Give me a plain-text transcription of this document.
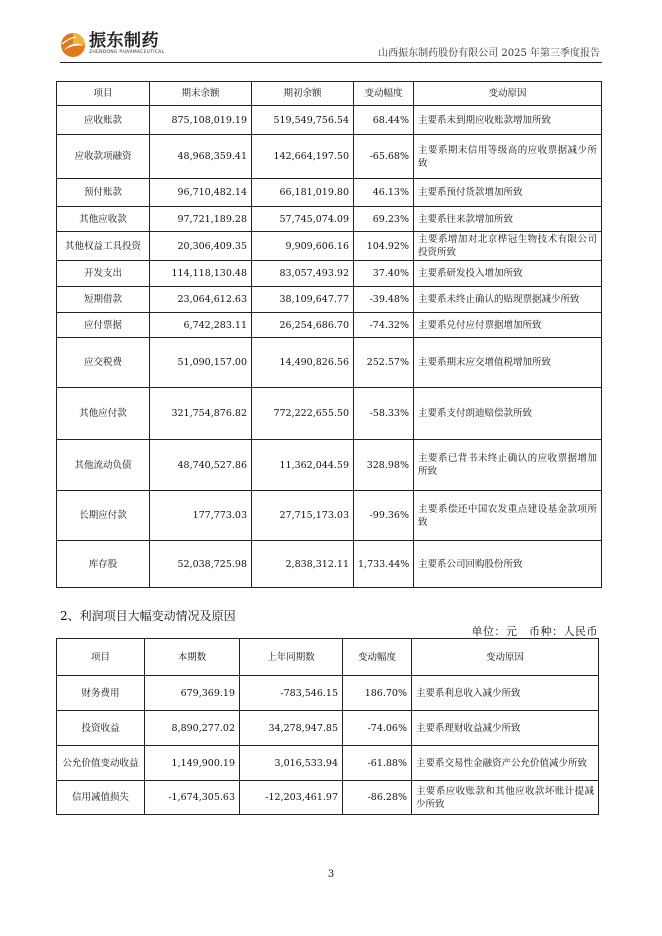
振东制药
ZHENDONG PHARMACEUTICAL	山西振东制药股份有限公司 2025 年第三季度报告
项目	期末余额	期初余额	变动幅度	变动原因
应收账款	875,108,019.19	519,549,756.54	68.44%	主要系未到期应收账款增加所致
应收款项融资	48,968,359.41	142,664,197.50	-65.68%	主要系期末信用等级高的应收票据减少所致
预付账款	96,710,482.14	66,181,019.80	46.13%	主要系预付货款增加所致
其他应收款	97,721,189.28	57,745,074.09	69.23%	主要系往来款增加所致
其他权益工具投资	20,306,409.35	9,909,606.16	104.92%	主要系增加对北京桦冠生物技术有限公司投资所致
开发支出	114,118,130.48	83,057,493.92	37.40%	主要系研发投入增加所致
短期借款	23,064,612.63	38,109,647.77	-39.48%	主要系未终止确认的贴现票据减少所致
应付票据	6,742,283.11	26,254,686.70	-74.32%	主要系兑付应付票据增加所致
应交税费	51,090,157.00	14,490,826.56	252.57%	主要系期末应交增值税增加所致
其他应付款	321,754,876.82	772,222,655.50	-58.33%	主要系支付朗迪赔偿款所致
其他流动负债	48,740,527.86	11,362,044.59	328.98%	主要系已背书未终止确认的应收票据增加所致
长期应付款	177,773.03	27,715,173.03	-99.36%	主要系偿还中国农发重点建设基金款项所致
库存股	52,038,725.98	2,838,312.11	1,733.44%	主要系公司回购股份所致
2、利润项目大幅变动情况及原因
单位：元　币种：人民币
项目	本期数	上年同期数	变动幅度	变动原因
财务费用	679,369.19	-783,546.15	186.70%	主要系利息收入减少所致
投资收益	8,890,277.02	34,278,947.85	-74.06%	主要系理财收益减少所致
公允价值变动收益	1,149,900.19	3,016,533.94	-61.88%	主要系交易性金融资产公允价值减少所致
信用减值损失	-1,674,305.63	-12,203,461.97	-86.28%	主要系应收账款和其他应收款坏账计提减少所致
3
